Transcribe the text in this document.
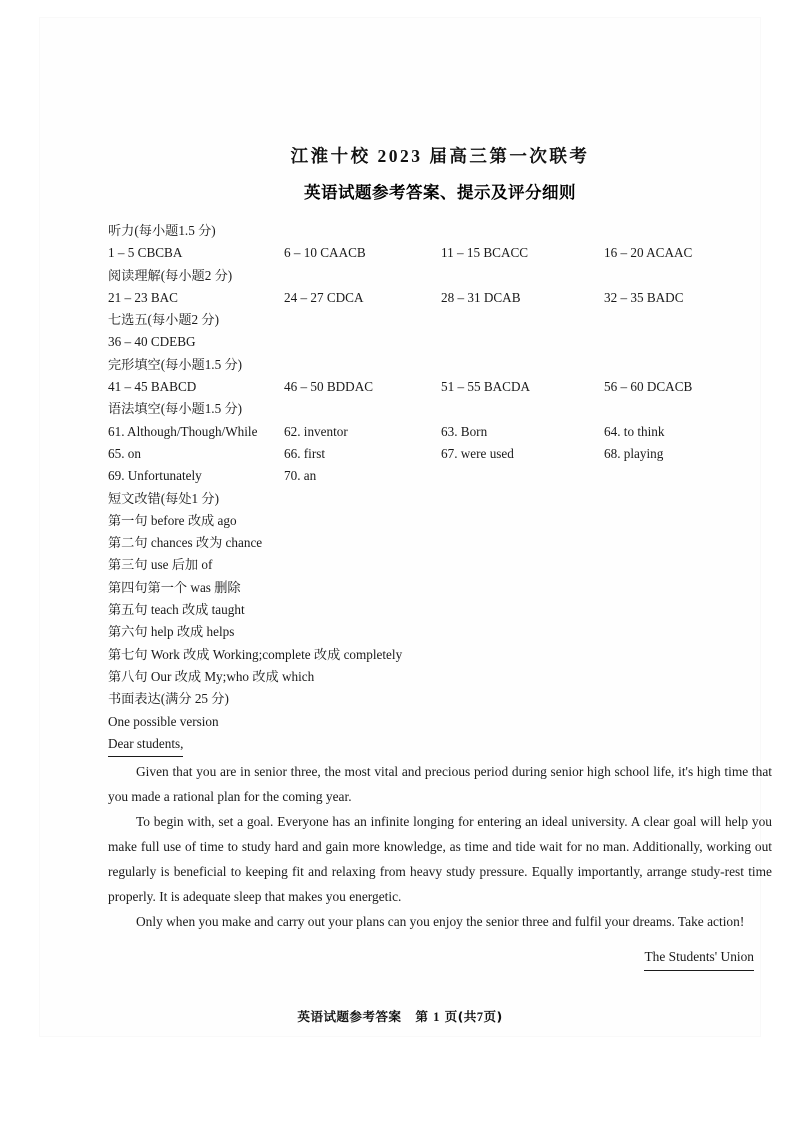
江淮十校 2023 届高三第一次联考
英语试题参考答案、提示及评分细则
听力(每小题1.5 分)
1 – 5 CBCBA	6 – 10 CAACB	11 – 15 BCACC	16 – 20 ACAAC
阅读理解(每小题2 分)
21 – 23 BAC	24 – 27 CDCA	28 – 31 DCAB	32 – 35 BADC
七选五(每小题2 分)
36 – 40 CDEBG
完形填空(每小题1.5 分)
41 – 45 BABCD	46 – 50 BDDAC	51 – 55 BACDA	56 – 60 DCACB
语法填空(每小题1.5 分)
61. Although/Though/While 62. inventor	63. Born	64. to think
65. on	66. first	67. were used	68. playing
69. Unfortunately	70. an
短文改错(每处1 分)
第一句 before 改成 ago
第二句 chances 改为 chance
第三句 use 后加 of
第四句第一个 was 删除
第五句 teach 改成 taught
第六句 help 改成 helps
第七句 Work 改成 Working;complete 改成 completely
第八句 Our 改成 My;who 改成 which
书面表达(满分 25 分)
One possible version
Dear students,

Given that you are in senior three, the most vital and precious period during senior high school life, it's high time that you made a rational plan for the coming year.

To begin with, set a goal. Everyone has an infinite longing for entering an ideal university. A clear goal will help you make full use of time to study hard and gain more knowledge, as time and tide wait for no man. Additionally, working out regularly is beneficial to keeping fit and relaxing from heavy study pressure. Equally importantly, arrange study-rest time properly. It is adequate sleep that makes you energetic.

Only when you make and carry out your plans can you enjoy the senior three and fulfil your dreams. Take action!

The Students' Union
英语试题参考答案 第 1 页(共7页)
